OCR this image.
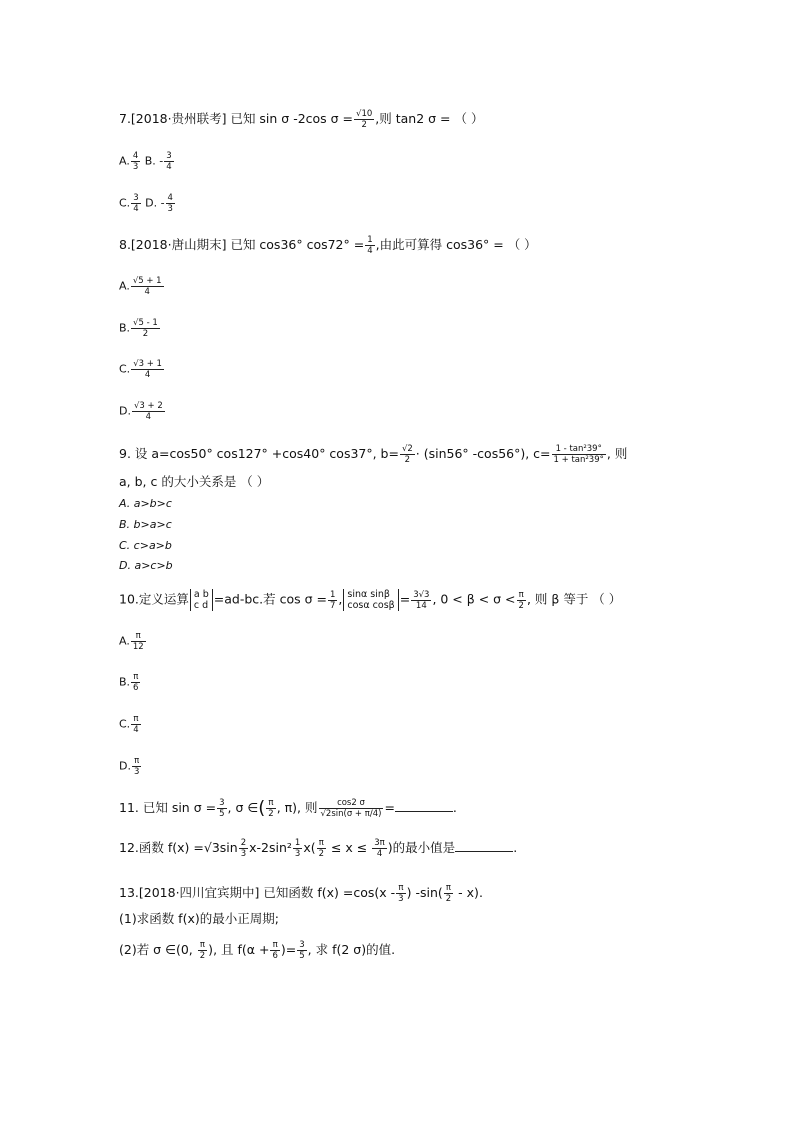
7.[2018·贵州联考] 已知 sin σ -2cos $\sigma = \frac{√10}{2}$ ,则 tan2 σ = （ ）
A. $\frac{4}{3} B$. - $\frac{3}{4}$
C. $\frac{3}{4} D$. - $\frac{4}{3}$
8.[2018·唐山期末] 已知 cos36° $\cos 72^\circ = \frac{1}{4}$ ,由此可算得 cos36° = （ ）
A. $\frac{√5 + 1}{4}$
B. $\frac{√5 - 1}{2}$
C. $\frac{√3 + 1}{4}$
D. $\frac{√3 + 2}{4}$
9. 设 a=cos50° cos127° +cos40° cos37°, $b= \frac{√2}{2} \cdot (\sin 56^\circ$ -cos56°), $c= \frac{\text{1 - tan²39°}}{\text{1 + tan²39°}}$ , 则
a, b, c 的大小关系是 （ ）
A. a>b>c
B. b>a>c
C. c>a>b
D. a>c>b
10.定义运算 a b
c d =ad-bc.若 $\cos \sigma = \frac{1}{7}$ , sinα sinβ
cosα $\cos\beta = \frac{3√3}{14}$ , $0 < \beta < \sigma < \frac{\pi}{2}$ , 则 β 等于 （ ）
A. $\frac{\pi}{12}$
B. $\frac{\pi}{6}$
C. $\frac{\pi}{4}$
D. $\frac{\pi}{3}$
11. 已知 $\sin \sigma = \frac{3}{5}$ , σ ∈( $\frac{\pi}{2}$ , π), 则 $\frac{\cos 2 \sigma}{√2\sin(\sigma + \pi/4)}$ =	.
12.函数 $f(x) =√3\sin \frac{2}{3} x-2\sin^2 \frac{1}{3} x( \frac{\pi}{2} \le x \le \frac{3\pi}{4}$ )的最小值是	.
13.[2018·四川宜宾期中] 已知函数 $f(x) =\cos(x - \frac{\pi}{3}$ ) $-\sin( \frac{\pi}{2} - x)$.
(1)求函数 f(x)的最小正周期;
(2)若 σ ∈(0, $\frac{\pi}{2}$ ), 且 $f(\alpha + \frac{\pi}{6}$ )= $\frac{3}{5}$ , 求 f(2 σ)的值.
